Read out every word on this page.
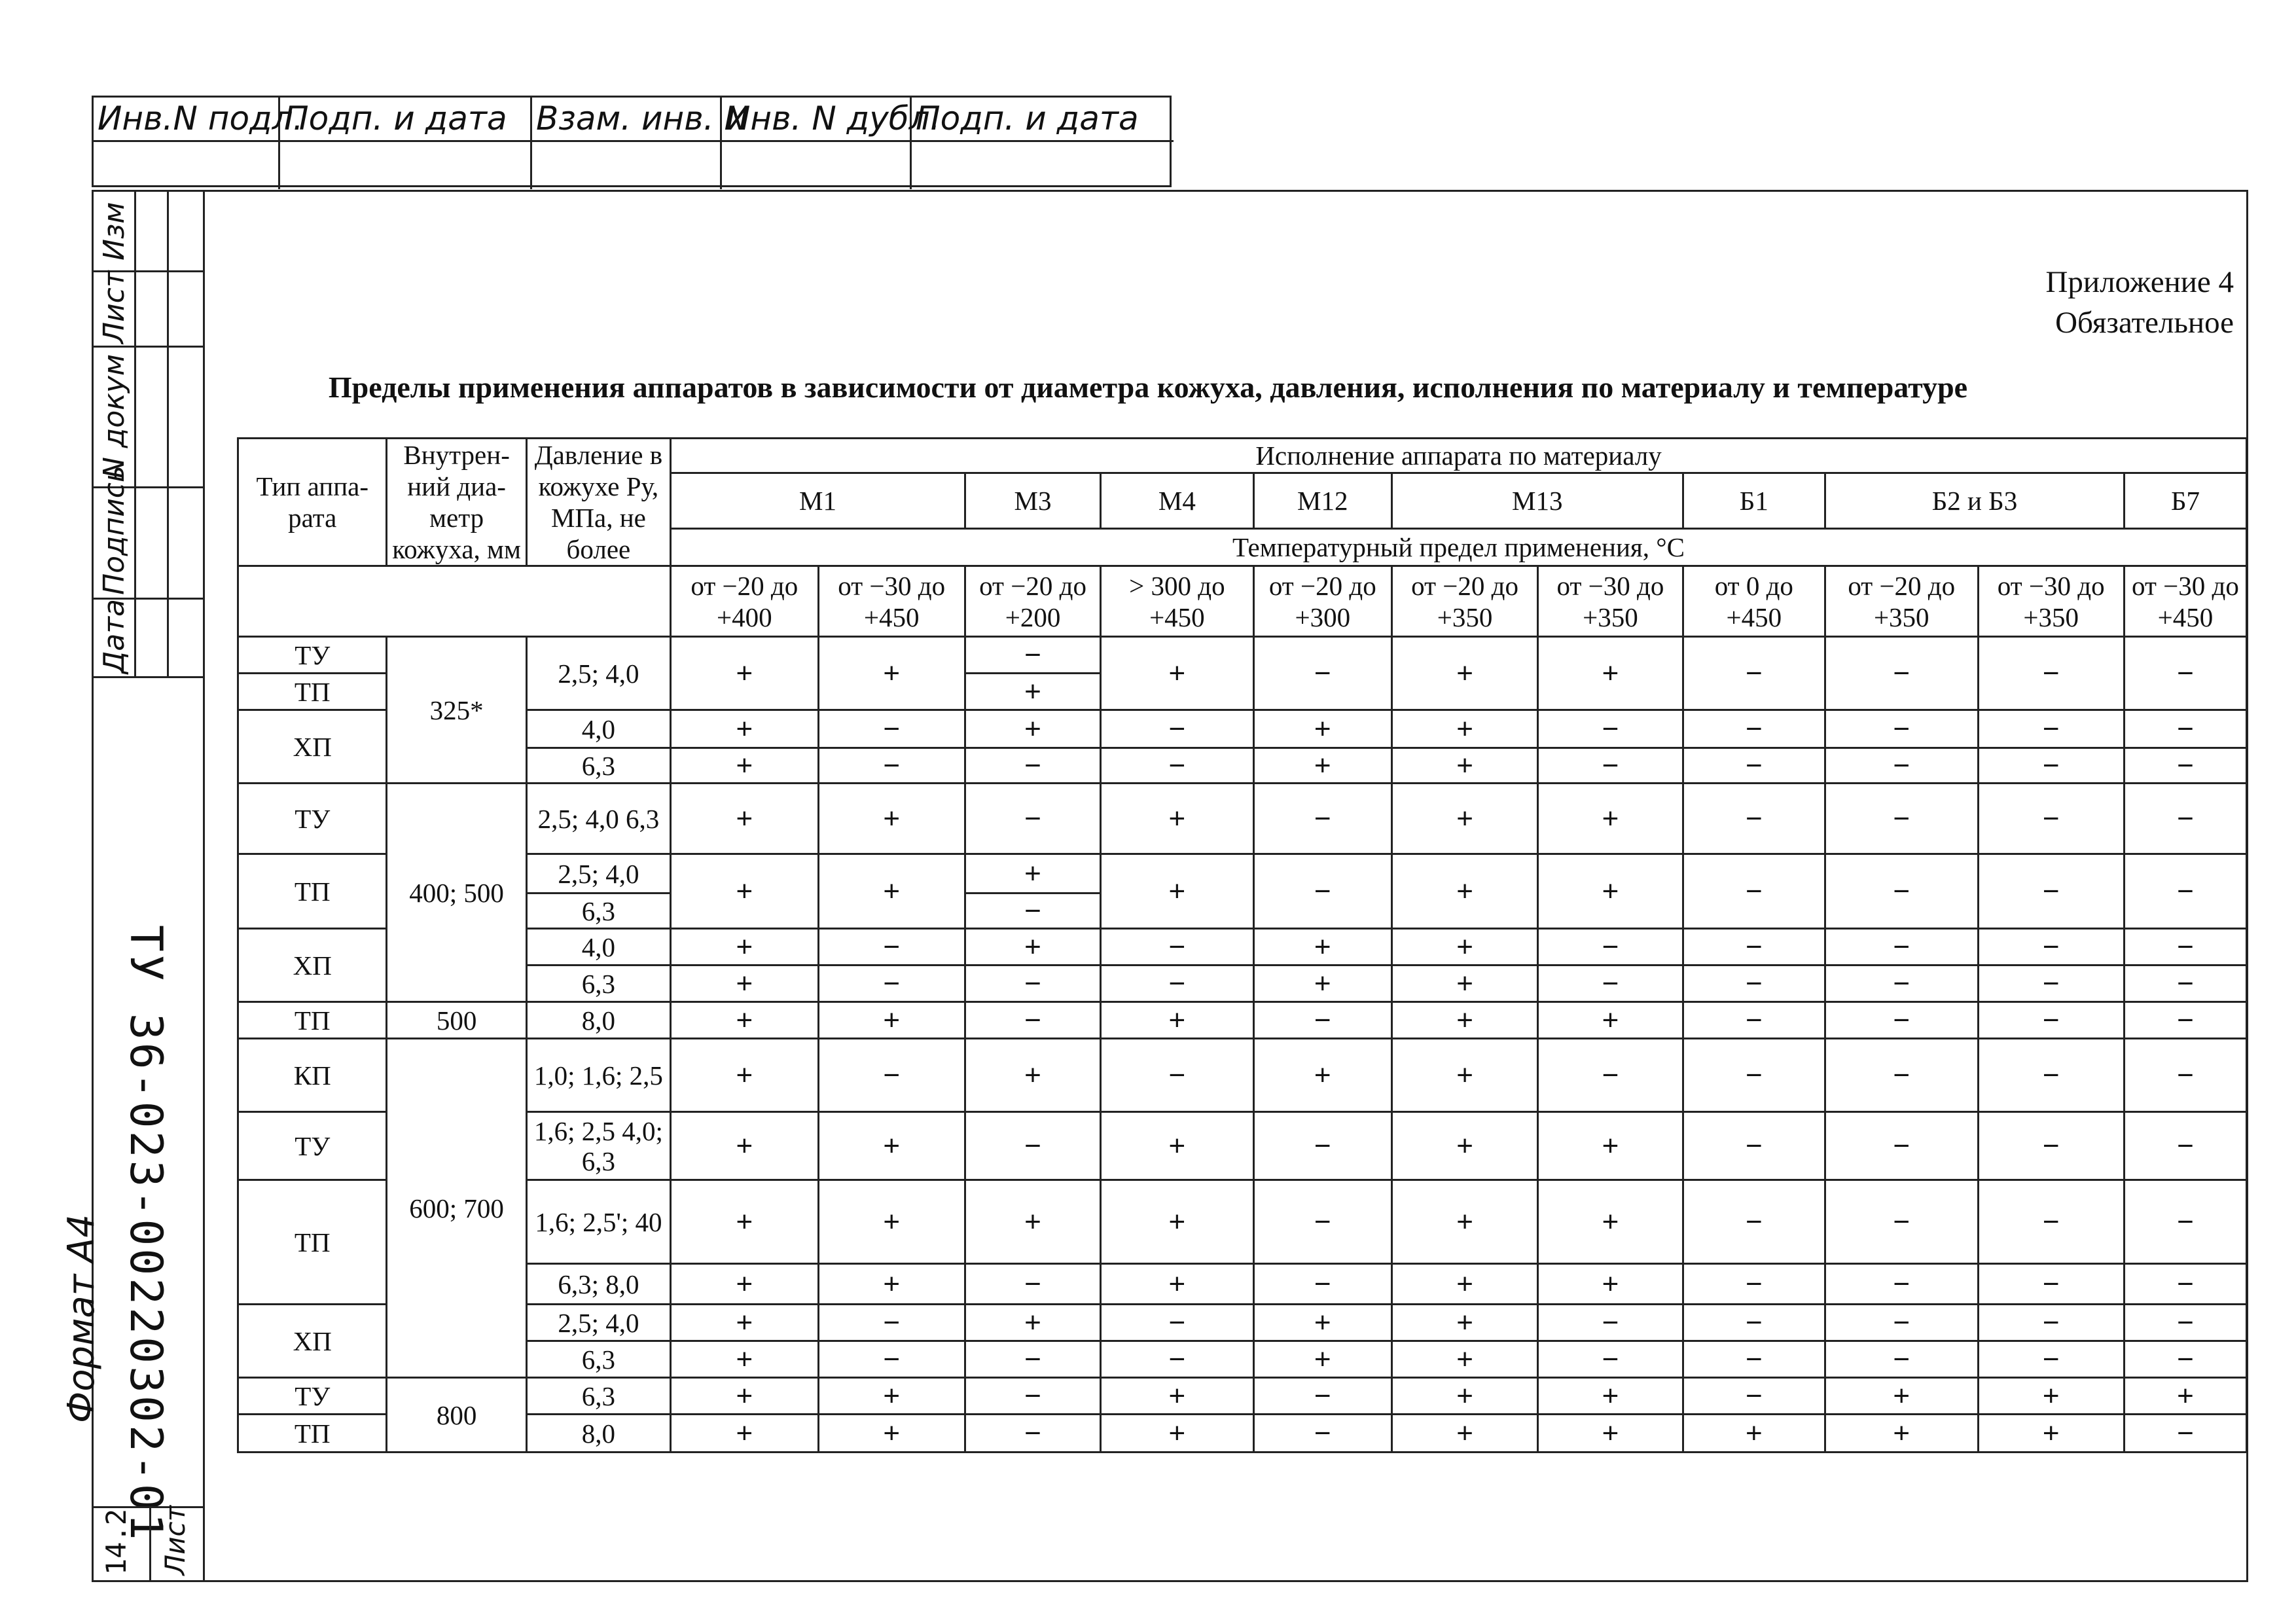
Инв.N подл.
Подп. и дата Взам. инв. N
Инв. N дубл.
Подп. и дата
Изм
Лист
N докум
Подпись
Дата
ТУ 36-023-00220302-01
14.2 Лист
Формат А4
Приложение 4
Обязательное
Пределы применения аппаратов в зависимости от диаметра кожуха, давления, исполнения по материалу и температуре
Тип аппа-рата	Внутрен-ний диа-метр кожуха, мм	Давление в кожухе Ру, МПа, не более	Исполнение аппарата по материалу										
			М1		М3	М4	М12	М13		Б1	Б2 и Б3		Б7
			Температурный предел применения, °С										
			от −20 до +400	от −30 до +450	от −20 до +200	> 300 до +450	от −20 до +300	от −20 до +350	от −30 до +350	от 0 до +450	от −20 до +350	от −30 до +350	от −30 до +450
ТУ	325*	2,5; 4,0	+	+	−	+	−	+	+	−	−	−	−
ТП					+								
ХП		4,0	+	−	+	−	+	+	−	−	−	−	−
		6,3	+	−	−	−	+	+	−	−	−	−	−
ТУ	400; 500	2,5; 4,0 6,3	+	+	−	+	−	+	+	−	−	−	−
ТП		2,5; 4,0	+	+	+	+	−	+	+	−	−	−	−
		6,3			−								
ХП		4,0	+	−	+	−	+	+	−	−	−	−	−
		6,3	+	−	−	−	+	+	−	−	−	−	−
ТП	500	8,0	+	+	−	+	−	+	+	−	−	−	−
КП	600; 700	1,0; 1,6; 2,5	+	−	+	−	+	+	−	−	−	−	−
ТУ		1,6; 2,5 4,0; 6,3	+	+	−	+	−	+	+	−	−	−	−
ТП		1,6; 2,5'; 40	+	+	+	+	−	+	+	−	−	−	−
		6,3; 8,0	+	+	−	+	−	+	+	−	−	−	−
ХП		2,5; 4,0	+	−	+	−	+	+	−	−	−	−	−
		6,3	+	−	−	−	+	+	−	−	−	−	−
ТУ	800	6,3	+	+	−	+	−	+	+	−	+	+	+
ТП		8,0	+	+	−	+	−	+	+	+	+	+	−
